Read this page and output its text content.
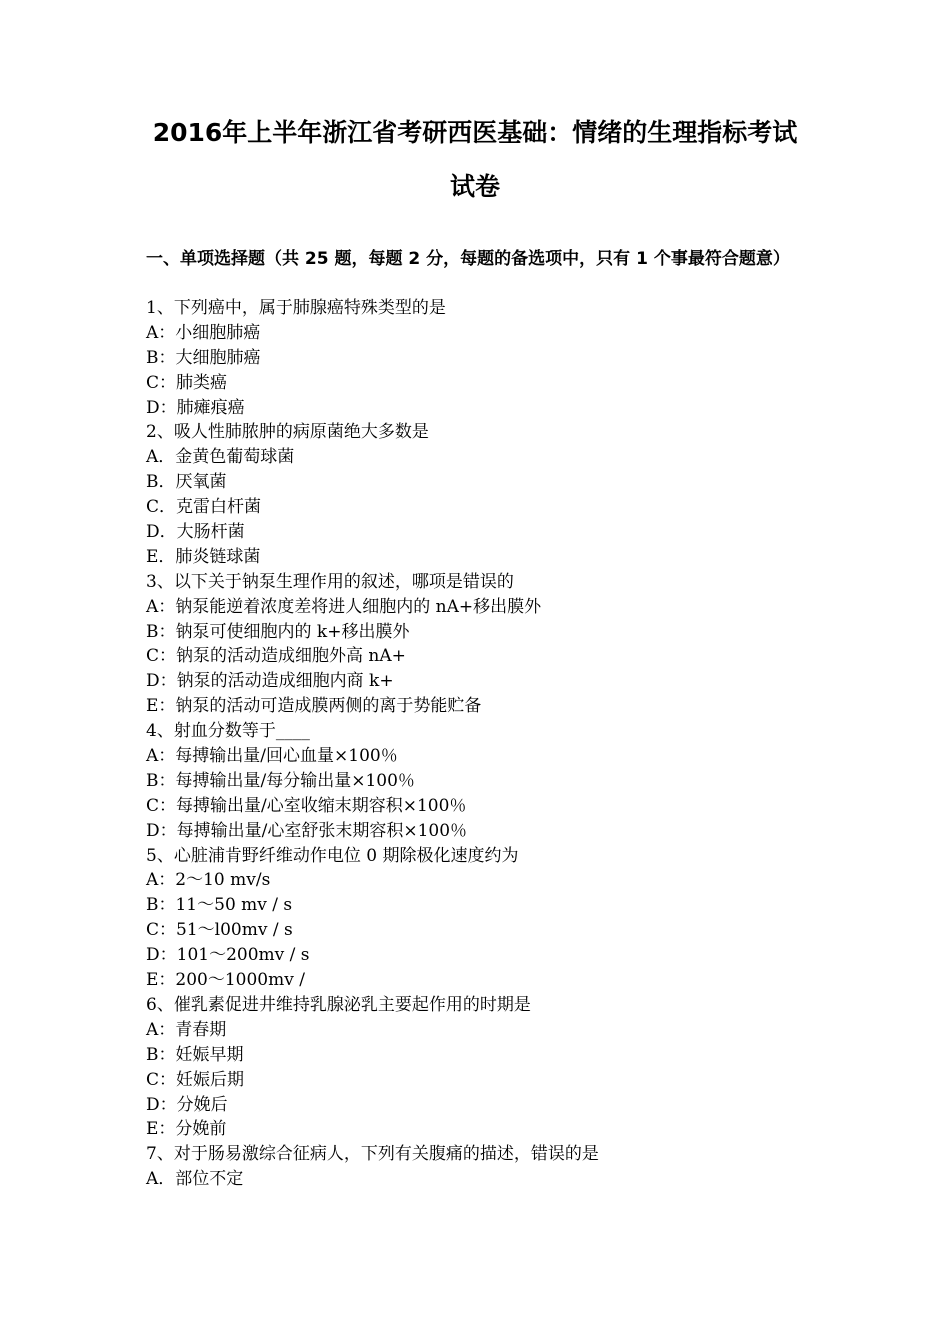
2016年上半年浙江省考研西医基础：情绪的生理指标考试
试卷
一、单项选择题（共 25 题，每题 2 分，每题的备选项中，只有 1 个事最符合题意）
1、下列癌中，属于肺腺癌特殊类型的是
A：小细胞肺癌
B：大细胞肺癌
C：肺类癌
D：肺瘫痕癌
2、吸人性肺脓肿的病原菌绝大多数是
A．金黄色葡萄球菌
B．厌氧菌
C．克雷白杆菌
D．大肠杆菌
E．肺炎链球菌
3、以下关于钠泵生理作用的叙述，哪项是错误的
A：钠泵能逆着浓度差将进人细胞内的 nA+移出膜外
B：钠泵可使细胞内的 k+移出膜外
C：钠泵的活动造成细胞外高 nA+
D：钠泵的活动造成细胞内商 k+
E：钠泵的活动可造成膜两侧的离于势能贮备
4、射血分数等于____
A：每搏输出量/回心血量×100％
B：每搏输出量/每分输出量×100％
C：每搏输出量/心室收缩末期容积×100％
D：每搏输出量/心室舒张末期容积×100％
5、心脏浦肯野纤维动作电位 0 期除极化速度约为
A：2～10 mv/s
B：11～50 mv / s
C：51～l00mv / s
D：101～200mv / s
E：200～1000mv /
6、催乳素促进井维持乳腺泌乳主要起作用的时期是
A：青春期
B：妊娠早期
C：妊娠后期
D：分娩后
E：分娩前
7、对于肠易激综合征病人，下列有关腹痛的描述，错误的是
A．部位不定
